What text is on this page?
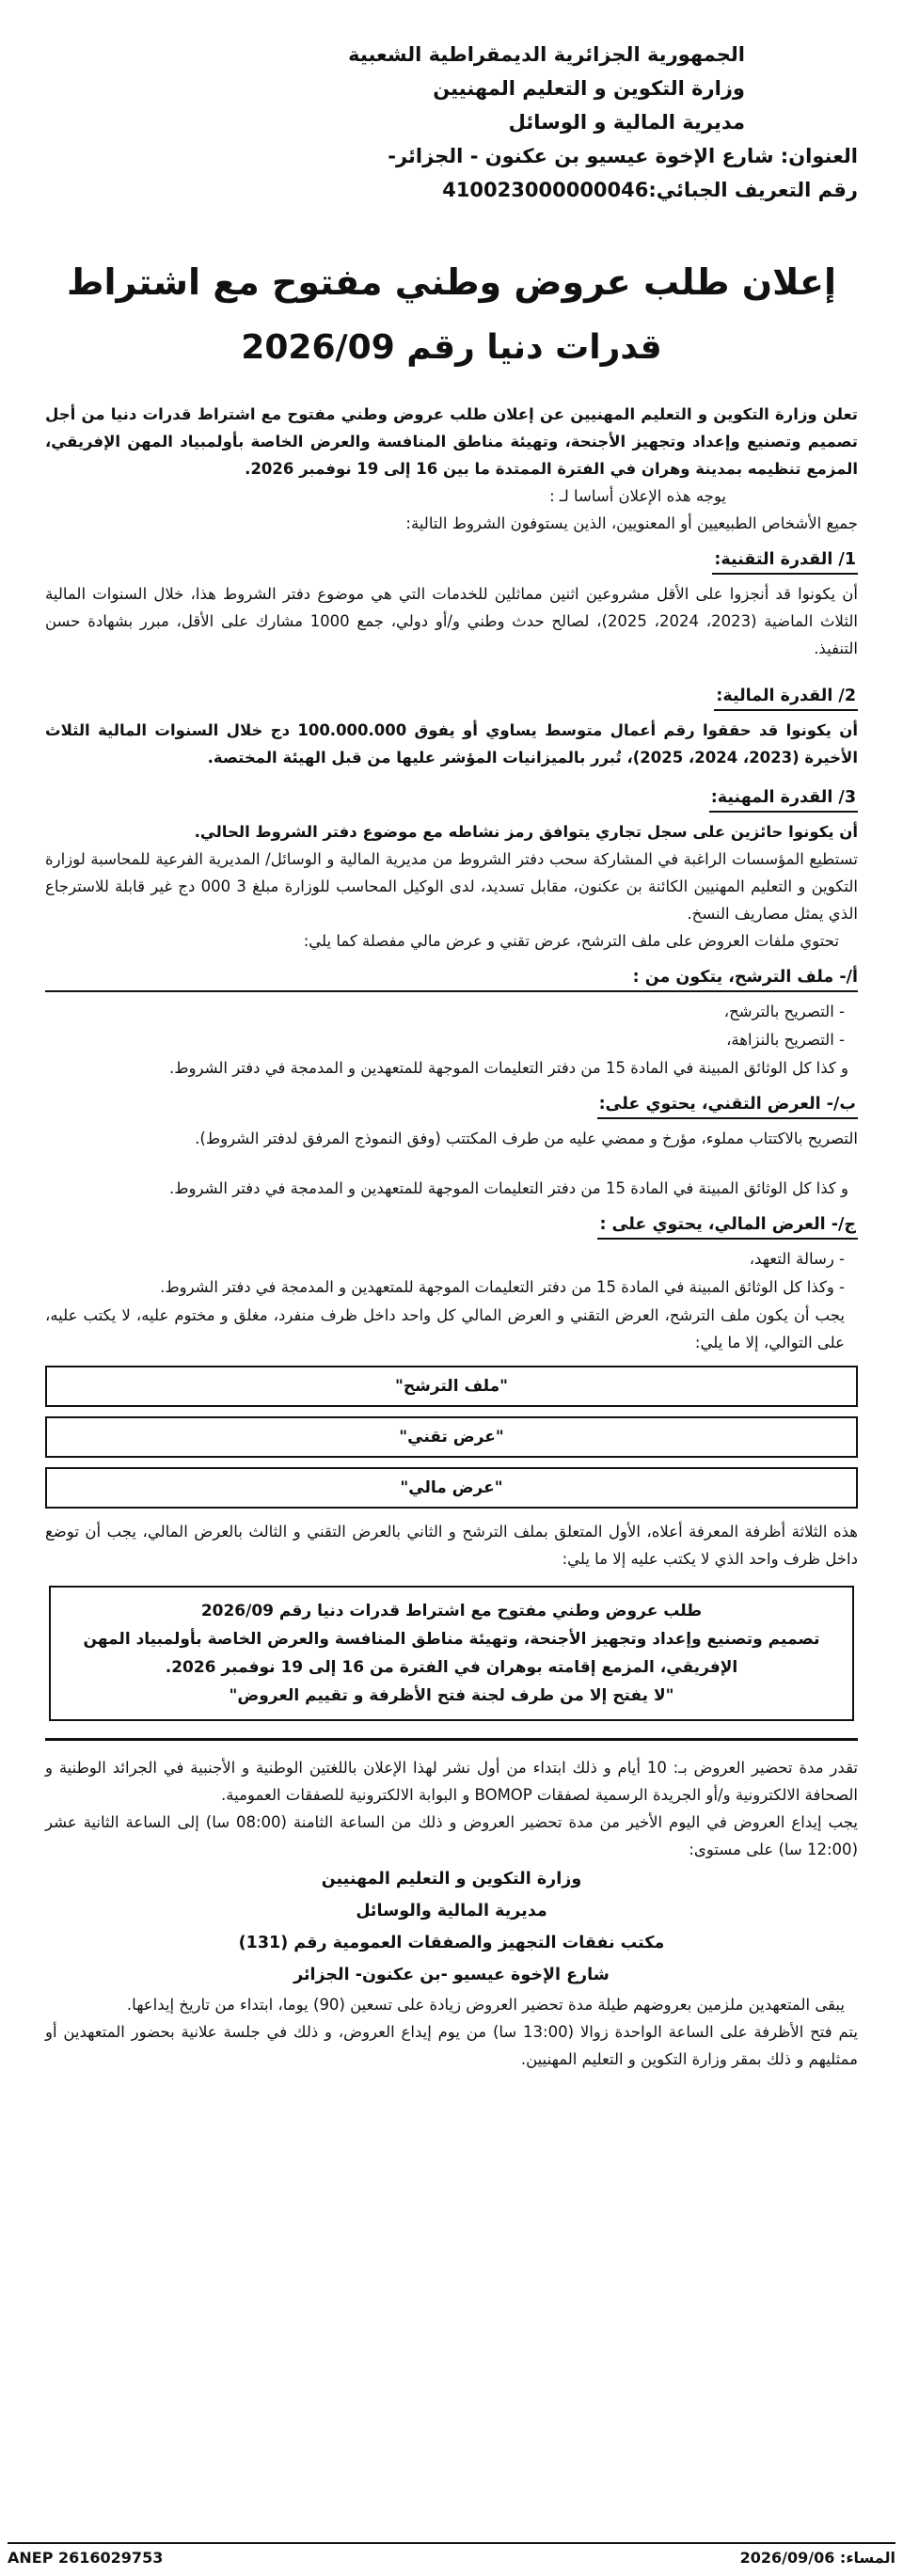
الجمهورية الجزائرية الديمقراطية الشعبية

وزارة التكوين و التعليم المهنيين

مديرية المالية و الوسائل

العنوان: شارع الإخوة عيسيو بن عكنون - الجزائر-

رقم التعريف الجبائي:410023000000046

إعلان طلب عروض وطني مفتوح مع اشتراط
قدرات دنيا رقم 2026/09

تعلن وزارة التكوين و التعليم المهنيين عن إعلان طلب عروض وطني مفتوح مع اشتراط قدرات دنيا من أجل تصميم وتصنيع وإعداد وتجهيز الأجنحة، وتهيئة مناطق المنافسة والعرض الخاصة بأولمبياد المهن الإفريقي، المزمع تنظيمه بمدينة وهران في الفترة الممتدة ما بين 16 إلى 19 نوفمبر 2026.

يوجه هذه الإعلان أساسا لـ :

جميع الأشخاص الطبيعيين أو المعنويين، الذين يستوفون الشروط التالية:

1/ القدرة التقنية:

أن يكونوا قد أنجزوا على الأقل مشروعين اثنين مماثلين للخدمات التي هي موضوع دفتر الشروط هذا، خلال السنوات المالية الثلاث الماضية (2023، 2024، 2025)، لصالح حدث وطني و/أو دولي، جمع 1000 مشارك على الأقل، مبرر بشهادة حسن التنفيذ.

2/ القدرة المالية:

أن يكونوا قد حققوا رقم أعمال متوسط يساوي أو يفوق 100.000.000 دج خلال السنوات المالية الثلاث الأخيرة (2023، 2024، 2025)، تُبرر بالميزانيات المؤشر عليها من قبل الهيئة المختصة.

3/ القدرة المهنية:

أن يكونوا حائزين على سجل تجاري يتوافق رمز نشاطه مع موضوع دفتر الشروط الحالي.

تستطيع المؤسسات الراغبة في المشاركة سحب دفتر الشروط من مديرية المالية و الوسائل/ المديرية الفرعية للمحاسبة لوزارة التكوين و التعليم المهنيين الكائنة بن عكنون، مقابل تسديد، لدى الوكيل المحاسب للوزارة مبلغ 3 000 دج غير قابلة للاسترجاع الذي يمثل مصاريف النسخ.

تحتوي ملفات العروض على ملف الترشح، عرض تقني و عرض مالي مفصلة كما يلي:

أ/- ملف الترشح، يتكون من :
- التصريح بالترشح،
- التصريح بالنزاهة،

و كذا كل الوثائق المبينة في المادة 15 من دفتر التعليمات الموجهة للمتعهدين و المدمجة في دفتر الشروط.

ب/- العرض التقني، يحتوي على:

التصريح بالاكتتاب مملوء، مؤرخ و ممضي عليه من طرف المكتتب (وفق النموذج المرفق لدفتر الشروط).

و كذا كل الوثائق المبينة في المادة 15 من دفتر التعليمات الموجهة للمتعهدين و المدمجة في دفتر الشروط.

ج/- العرض المالي، يحتوي على :
- رسالة التعهد،
- وكذا كل الوثائق المبينة في المادة 15 من دفتر التعليمات الموجهة للمتعهدين و المدمجة في دفتر الشروط.

يجب أن يكون ملف الترشح، العرض التقني و العرض المالي كل واحد داخل ظرف منفرد، مغلق و مختوم عليه، لا يكتب عليه، على التوالي، إلا ما يلي:

"ملف الترشح"
"عرض تقني"
"عرض مالي"

هذه الثلاثة أظرفة المعرفة أعلاه، الأول المتعلق بملف الترشح و الثاني بالعرض التقني و الثالث بالعرض المالي، يجب أن توضع داخل ظرف واحد الذي لا يكتب عليه إلا ما يلي:

طلب عروض وطني مفتوح مع اشتراط قدرات دنيا رقم 2026/09

تصميم وتصنيع وإعداد وتجهيز الأجنحة، وتهيئة مناطق المنافسة والعرض الخاصة بأولمبياد المهن الإفريقي، المزمع إقامته بوهران في الفترة من 16 إلى 19 نوفمبر 2026.

"لا يفتح إلا من طرف لجنة فتح الأظرفة و تقييم العروض"

تقدر مدة تحضير العروض بـ: 10 أيام و ذلك ابتداء من أول نشر لهذا الإعلان باللغتين الوطنية و الأجنبية في الجرائد الوطنية و الصحافة الالكترونية و/أو الجريدة الرسمية لصفقات BOMOP و البوابة الالكترونية للصفقات العمومية.

يجب إيداع العروض في اليوم الأخير من مدة تحضير العروض و ذلك من الساعة الثامنة (08:00 سا) إلى الساعة الثانية عشر (12:00 سا) على مستوى:

وزارة التكوين و التعليم المهنيين

مديرية المالية والوسائل

مكتب نفقات التجهيز والصفقات العمومية رقم (131)

شارع الإخوة عيسيو -بن عكنون- الجزائر

يبقى المتعهدين ملزمين بعروضهم طيلة مدة تحضير العروض زيادة على تسعين (90) يوما، ابتداء من تاريخ إيداعها.

يتم فتح الأظرفة على الساعة الواحدة زوالا (13:00 سا) من يوم إيداع العروض، و ذلك في جلسة علانية بحضور المتعهدين أو ممثليهم و ذلك بمقر وزارة التكوين و التعليم المهنيين.

ANEP 2616029753	2026/09/06 :المساء
